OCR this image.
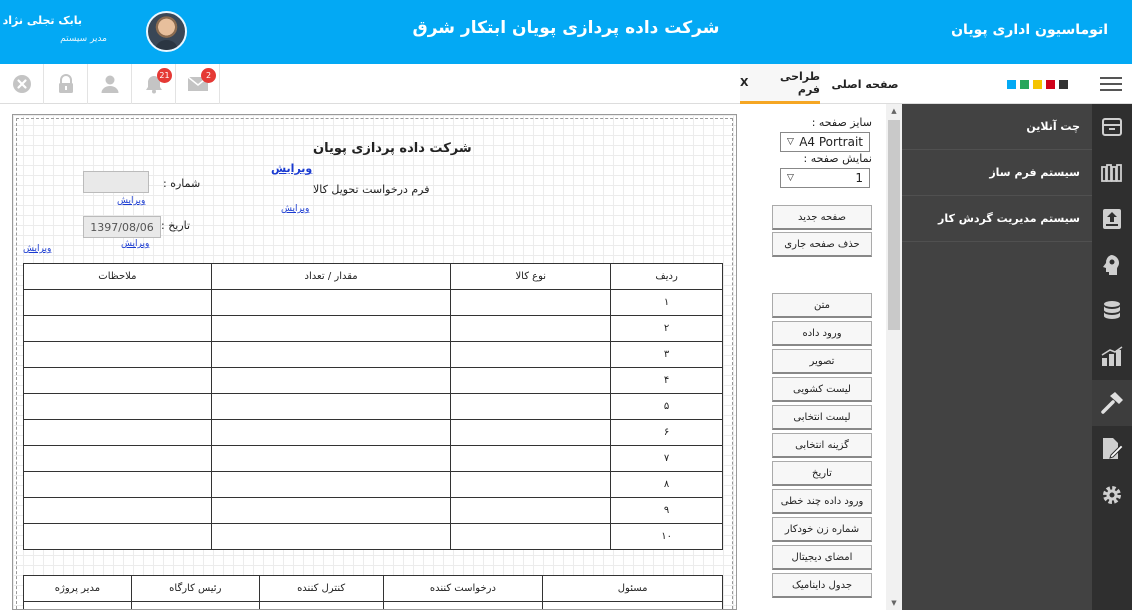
اتوماسیون اداری پویان
شرکت داده پردازی پویان ابتکار شرق
بابک تجلی نژاد
مدیر سیستم
21	2	طراحی فرم
X	صفحه اصلی
چت آنلاین
سیستم فرم ساز
سیستم مدیریت گردش کار
▲
▼
سایز صفحه :
▽ A4 Portrait
نمایش صفحه :
▽	1
صفحه جدید
حذف صفحه جاری
متن
ورود داده
تصویر
لیست کشویی
لیست انتخابی
گزینه انتخابی
تاریخ
ورود داده چند خطی
شماره زن خودکار
امضای دیجیتال
جدول داینامیک
شرکت داده پردازی پویان
ویرایش
فرم درخواست تحویل کالا
ویرایش
شماره :
ویرایش
تاریخ :
1397/08/06
ویرایش
ویرایش
ردیف	نوع کالا	مقدار / تعداد	ملاحظات
١			
٢			
٣			
۴			
۵			
۶			
٧			
٨			
٩			
١٠			
مسئول	درخواست کننده	کنترل کننده	رئیس کارگاه	مدیر پروژه
